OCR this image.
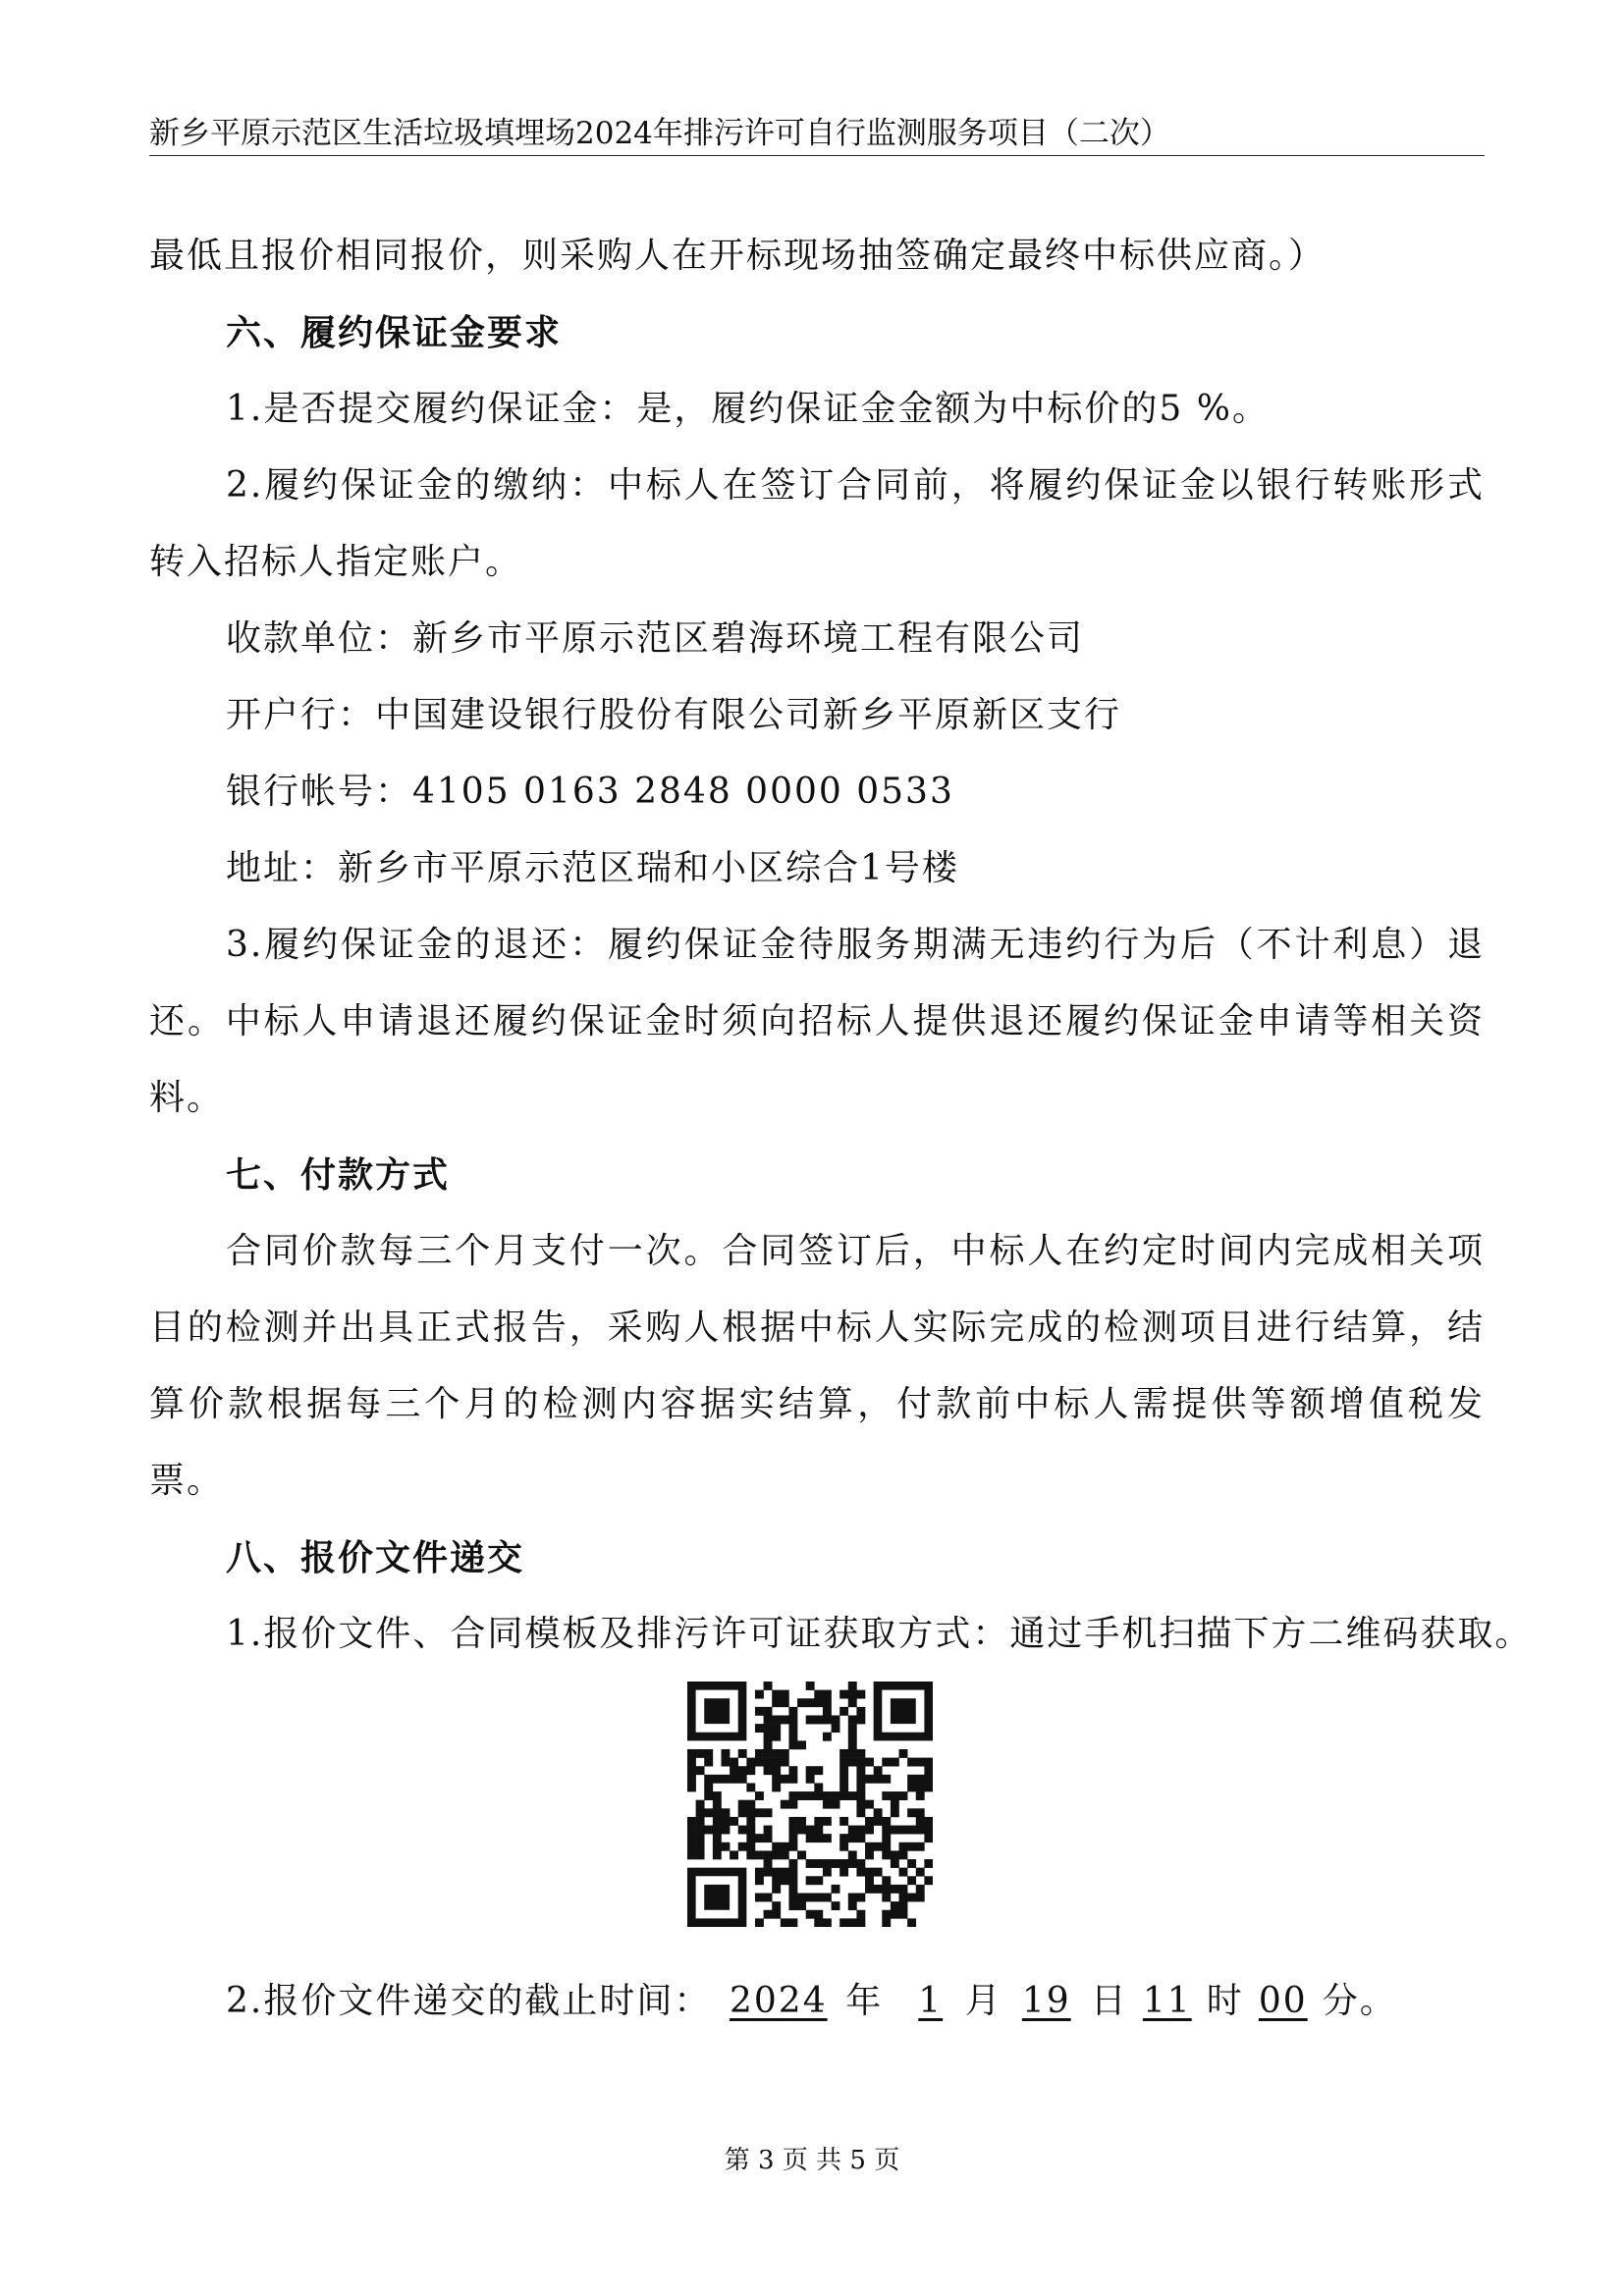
新乡平原示范区生活垃圾填埋场2024年排污许可自行监测服务项目（二次）

最低且报价相同报价，则采购人在开标现场抽签确定最终中标供应商。）

六、履约保证金要求

1.是否提交履约保证金：是，履约保证金金额为中标价的5 %。

2.履约保证金的缴纳：中标人在签订合同前，将履约保证金以银行转账形式

转入招标人指定账户。

收款单位：新乡市平原示范区碧海环境工程有限公司

开户行：中国建设银行股份有限公司新乡平原新区支行

银行帐号：4105 0163 2848 0000 0533

地址：新乡市平原示范区瑞和小区综合1号楼

3.履约保证金的退还：履约保证金待服务期满无违约行为后（不计利息）退

还。中标人申请退还履约保证金时须向招标人提供退还履约保证金申请等相关资

料。

七、付款方式

合同价款每三个月支付一次。合同签订后，中标人在约定时间内完成相关项

目的检测并出具正式报告，采购人根据中标人实际完成的检测项目进行结算，结

算价款根据每三个月的检测内容据实结算，付款前中标人需提供等额增值税发

票。

八、报价文件递交

1.报价文件、合同模板及排污许可证获取方式：通过手机扫描下方二维码获取。

2.报价文件递交的截止时间： 2024 年 1 月 19 日 11 时 00 分。
第 3 页 共 5 页
